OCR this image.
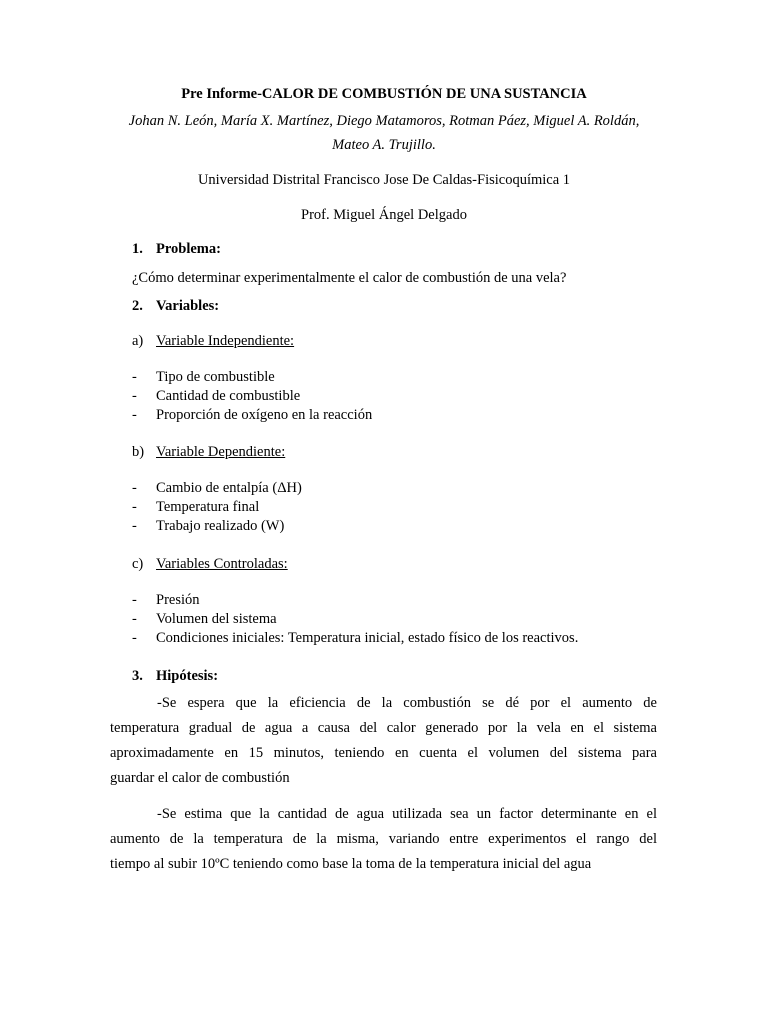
Pre Informe-CALOR DE COMBUSTIÓN DE UNA SUSTANCIA
Johan N. León, María X. Martínez, Diego Matamoros, Rotman Páez, Miguel A. Roldán,
Mateo A. Trujillo.
Universidad Distrital Francisco Jose De Caldas-Fisicoquímica 1
Prof. Miguel Ángel Delgado
1. Problema:
¿Cómo determinar experimentalmente el calor de combustión de una vela?
2. Variables:
a) Variable Independiente:
- Tipo de combustible
- Cantidad de combustible
- Proporción de oxígeno en la reacción
b) Variable Dependiente:
- Cambio de entalpía (ΔH)
- Temperatura final
- Trabajo realizado (W)
c) Variables Controladas:
- Presión
- Volumen del sistema
- Condiciones iniciales: Temperatura inicial, estado físico de los reactivos.
3. Hipótesis:
-Se espera que la eficiencia de la combustión se dé por el aumento de
temperatura gradual de agua a causa del calor generado por la vela en el sistema
aproximadamente en 15 minutos, teniendo en cuenta el volumen del sistema para
guardar el calor de combustión
-Se estima que la cantidad de agua utilizada sea un factor determinante en el
aumento de la temperatura de la misma, variando entre experimentos el rango del
tiempo al subir 10ºC teniendo como base la toma de la temperatura inicial del agua
